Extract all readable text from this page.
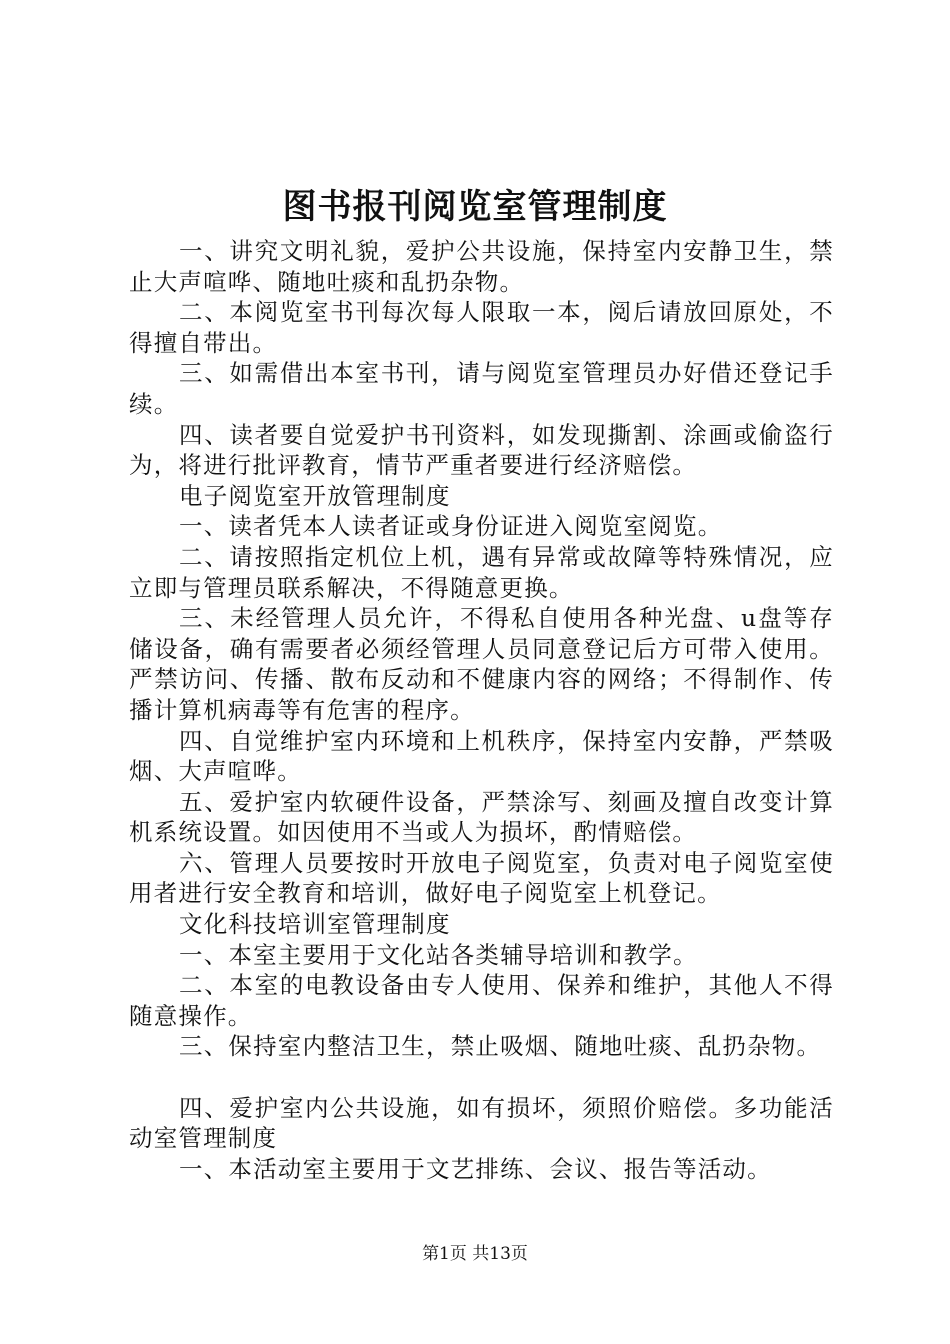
图书报刊阅览室管理制度

一、讲究文明礼貌，爱护公共设施，保持室内安静卫生，禁止大声喧哗、随地吐痰和乱扔杂物。

二、本阅览室书刊每次每人限取一本，阅后请放回原处，不得擅自带出。

三、如需借出本室书刊，请与阅览室管理员办好借还登记手续。

四、读者要自觉爱护书刊资料，如发现撕割、涂画或偷盗行为，将进行批评教育，情节严重者要进行经济赔偿。

电子阅览室开放管理制度

一、读者凭本人读者证或身份证进入阅览室阅览。

二、请按照指定机位上机，遇有异常或故障等特殊情况，应立即与管理员联系解决，不得随意更换。

三、未经管理人员允许，不得私自使用各种光盘、u盘等存储设备，确有需要者必须经管理人员同意登记后方可带入使用。严禁访问、传播、散布反动和不健康内容的网络；不得制作、传播计算机病毒等有危害的程序。

四、自觉维护室内环境和上机秩序，保持室内安静，严禁吸烟、大声喧哗。

五、爱护室内软硬件设备，严禁涂写、刻画及擅自改变计算机系统设置。如因使用不当或人为损坏，酌情赔偿。

六、管理人员要按时开放电子阅览室，负责对电子阅览室使用者进行安全教育和培训，做好电子阅览室上机登记。

文化科技培训室管理制度

一、本室主要用于文化站各类辅导培训和教学。

二、本室的电教设备由专人使用、保养和维护，其他人不得随意操作。

三、保持室内整洁卫生，禁止吸烟、随地吐痰、乱扔杂物。

四、爱护室内公共设施，如有损坏，须照价赔偿。多功能活动室管理制度

一、本活动室主要用于文艺排练、会议、报告等活动。

第1页 共13页
